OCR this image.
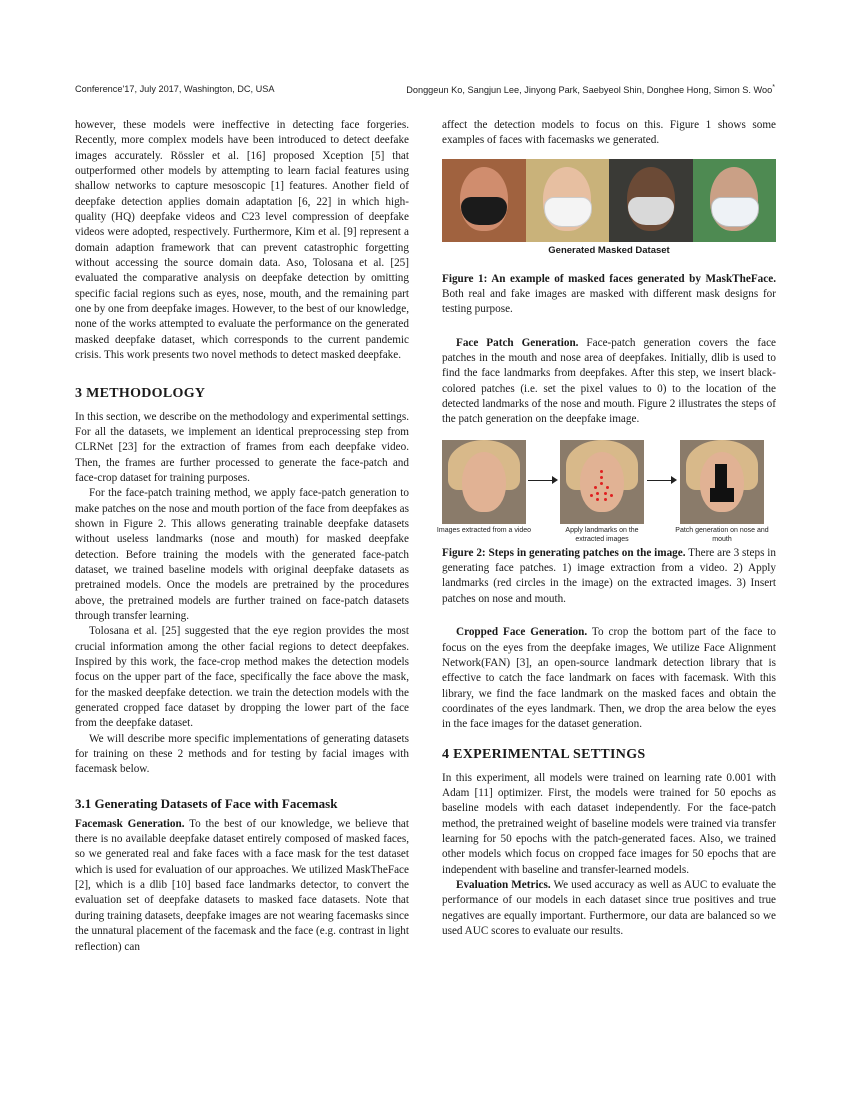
Conference'17, July 2017, Washington, DC, USA	Donggeun Ko, Sangjun Lee, Jinyong Park, Saebyeol Shin, Donghee Hong, Simon S. Woo*

however, these models were ineffective in detecting face forgeries. Recently, more complex models have been introduced to detect deefake images accurately. Rössler et al. [16] proposed Xception [5] that outperformed other models by attempting to learn facial features using shallow networks to capture mesoscopic [1] features. Another field of deepfake detection applies domain adaptation [6, 22] in which high-quality (HQ) deepfake videos and C23 level compression of deepfake videos were adopted, respectively. Furthermore, Kim et al. [9] represent a domain adaption framework that can prevent catastrophic forgetting without accessing the source domain data. Aso, Tolosana et al. [25] evaluated the comparative analysis on deepfake detection by omitting specific facial regions such as eyes, nose, mouth, and the remaining part one by one from deepfake images. However, to the best of our knowledge, none of the works attempted to evaluate the performance on the generated masked deepfake dataset, which corresponds to the current pandemic crisis. This work presents two novel methods to detect masked deepfake.

3 METHODOLOGY

In this section, we describe on the methodology and experimental settings. For all the datasets, we implement an identical preprocessing step from CLRNet [23] for the extraction of frames from each deepfake video. Then, the frames are further processed to generate the face-patch and face-crop dataset for training purposes.

For the face-patch training method, we apply face-patch generation to make patches on the nose and mouth portion of the face from deepfakes as shown in Figure 2. This allows generating trainable deepfake datasets without useless landmarks (nose and mouth) for masked deepfake detection. Before training the models with the generated face-patch dataset, we trained baseline models with original deepfake datasets as pretrained models. Once the models are pretrained by the procedures above, the pretrained models are further trained on face-patch datasets through transfer learning.

Tolosana et al. [25] suggested that the eye region provides the most crucial information among the other facial regions to detect deepfakes. Inspired by this work, the face-crop method makes the detection models focus on the upper part of the face, specifically the face above the mask, for the masked deepfake detection. we train the detection models with the generated cropped face dataset by dropping the lower part of the face from the deepfake dataset.

We will describe more specific implementations of generating datasets for training on these 2 methods and for testing by facial images with facemask below.

3.1 Generating Datasets of Face with Facemask

Facemask Generation. To the best of our knowledge, we believe that there is no available deepfake dataset entirely composed of masked faces, so we generated real and fake faces with a face mask for the test dataset which is used for evaluation of our approaches. We utilized MaskTheFace [2], which is a dlib [10] based face landmarks detector, to convert the evaluation set of deepfake datasets to masked face datasets. Note that during training datasets, deepfake images are not wearing facemasks since the unnatural placement of the facemask and the face (e.g. contrast in light reflection) can

affect the detection models to focus on this. Figure 1 shows some examples of faces with facemasks we generated.

Generated Masked Dataset

Figure 1: An example of masked faces generated by MaskTheFace. Both real and fake images are masked with different mask designs for testing purpose.

Face Patch Generation. Face-patch generation covers the face patches in the mouth and nose area of deepfakes. Initially, dlib is used to find the face landmarks from deepfakes. After this step, we insert black-colored patches (i.e. set the pixel values to 0) to the location of the detected landmarks of the nose and mouth. Figure 2 illustrates the steps of the patch generation on the deepfake image.

Images extracted from a video	Apply landmarks on the extracted images
Patch generation on nose and mouth

Figure 2: Steps in generating patches on the image. There are 3 steps in generating face patches. 1) image extraction from a video. 2) Apply landmarks (red circles in the image) on the extracted images. 3) Insert patches on nose and mouth.

Cropped Face Generation. To crop the bottom part of the face to focus on the eyes from the deepfake images, We utilize Face Alignment Network(FAN) [3], an open-source landmark detection library that is effective to catch the face landmark on faces with facemask. With this library, we find the face landmark on the masked faces and obtain the coordinates of the eyes landmark. Then, we drop the area below the eyes in the face images for the dataset generation.

4 EXPERIMENTAL SETTINGS

In this experiment, all models were trained on learning rate 0.001 with Adam [11] optimizer. First, the models were trained for 50 epochs as baseline models with each dataset independently. For the face-patch method, the pretrained weight of baseline models were trained via transfer learning for 50 epochs with the patch-generated faces. Also, we trained other models which focus on cropped face images for 50 epochs that are independent with baseline and transfer-learned models.

Evaluation Metrics. We used accuracy as well as AUC to evaluate the performance of our models in each dataset since true positives and true negatives are equally important. Furthermore, our data are balanced so we used AUC scores to evaluate our results.
